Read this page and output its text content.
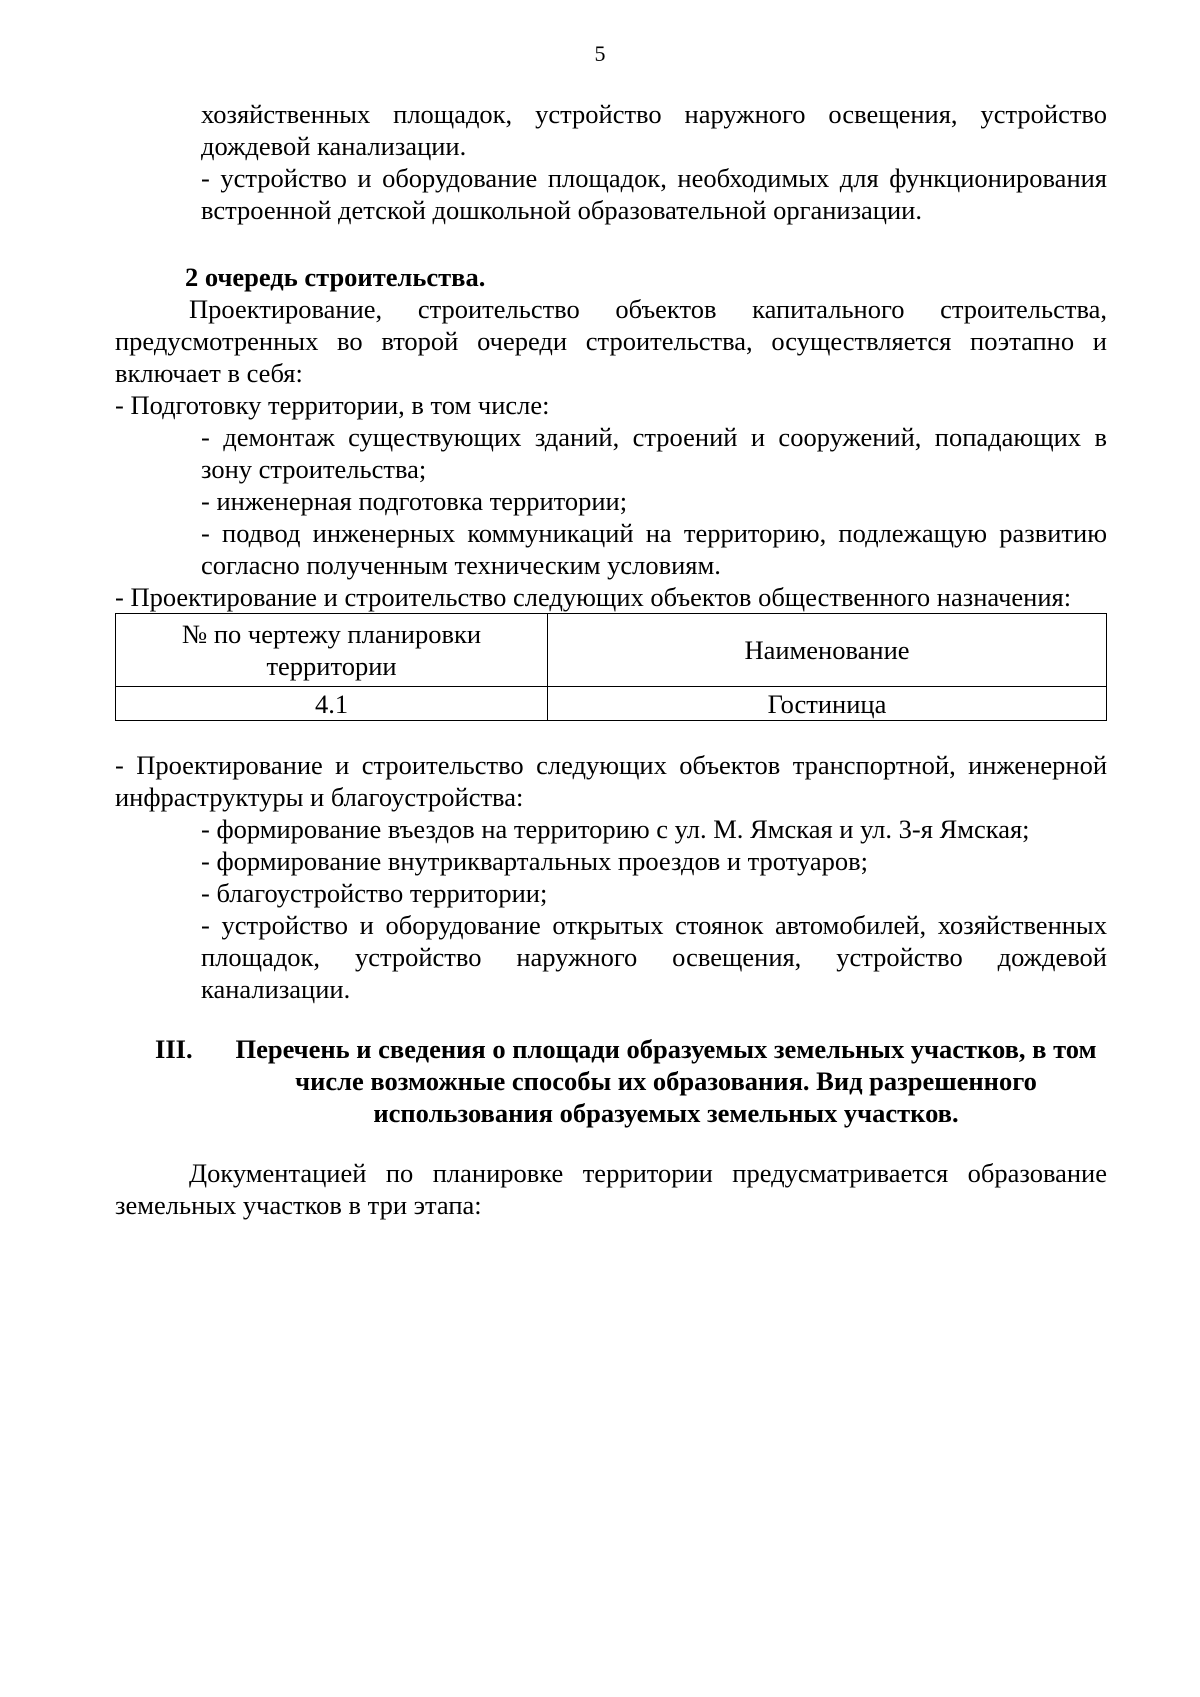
5

хозяйственных площадок, устройство наружного освещения, устройство дождевой канализации.

- устройство и оборудование площадок, необходимых для функционирования встроенной детской дошкольной образовательной организации.

2 очередь строительства.

Проектирование, строительство объектов капитального строительства, предусмотренных во второй очереди строительства, осуществляется поэтапно и включает в себя:

- Подготовку территории, в том числе:

- демонтаж существующих зданий, строений и сооружений, попадающих в зону строительства;

- инженерная подготовка территории;

- подвод инженерных коммуникаций на территорию, подлежащую развитию согласно полученным техническим условиям.

- Проектирование и строительство следующих объектов общественного назначения:

№ по чертежу планировки территории	Наименование
4.1	Гостиница

- Проектирование и строительство следующих объектов транспортной, инженерной инфраструктуры и благоустройства:

- формирование въездов на территорию с ул. М. Ямская и ул. 3-я Ямская;

- формирование внутриквартальных проездов и тротуаров;

- благоустройство территории;

- устройство и оборудование открытых стоянок автомобилей, хозяйственных площадок, устройство наружного освещения, устройство дождевой канализации.

III.	Перечень и сведения о площади образуемых земельных участков, в том числе возможные способы их образования. Вид разрешенного использования образуемых земельных участков.

Документацией по планировке территории предусматривается образование земельных участков в три этапа:
